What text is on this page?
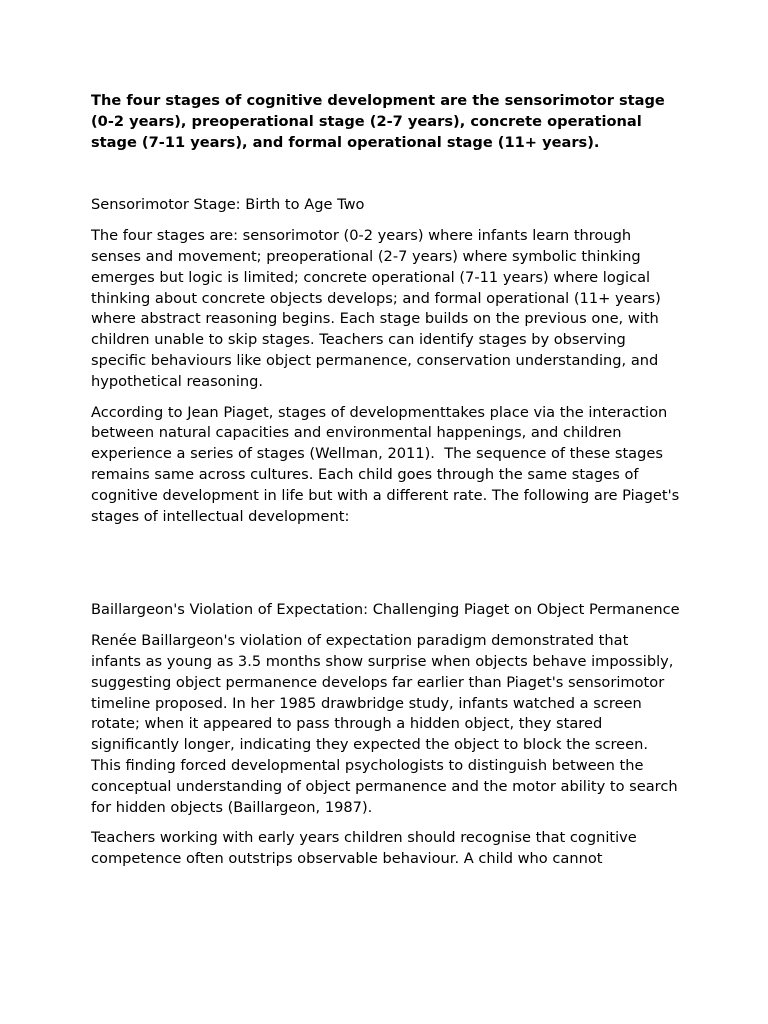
The four stages of cognitive development are the sensorimotor stage (0-2 years), preoperational stage (2-7 years), concrete operational stage (7-11 years), and formal operational stage (11+ years).

Sensorimotor Stage: Birth to Age Two

The four stages are: sensorimotor (0-2 years) where infants learn through senses and movement; preoperational (2-7 years) where symbolic thinking emerges but logic is limited; concrete operational (7-11 years) where logical thinking about concrete objects develops; and formal operational (11+ years) where abstract reasoning begins. Each stage builds on the previous one, with children unable to skip stages. Teachers can identify stages by observing specific behaviours like object permanence, conservation understanding, and hypothetical reasoning.

According to Jean Piaget, stages of developmenttakes place via the interaction between natural capacities and environmental happenings, and children experience a series of stages (Wellman, 2011).  The sequence of these stages remains same across cultures. Each child goes through the same stages of cognitive development in life but with a different rate. The following are Piaget's stages of intellectual development:

Baillargeon's Violation of Expectation: Challenging Piaget on Object Permanence

Renée Baillargeon's violation of expectation paradigm demonstrated that infants as young as 3.5 months show surprise when objects behave impossibly, suggesting object permanence develops far earlier than Piaget's sensorimotor timeline proposed. In her 1985 drawbridge study, infants watched a screen rotate; when it appeared to pass through a hidden object, they stared significantly longer, indicating they expected the object to block the screen. This finding forced developmental psychologists to distinguish between the conceptual understanding of object permanence and the motor ability to search for hidden objects (Baillargeon, 1987).

Teachers working with early years children should recognise that cognitive competence often outstrips observable behaviour. A child who cannot
